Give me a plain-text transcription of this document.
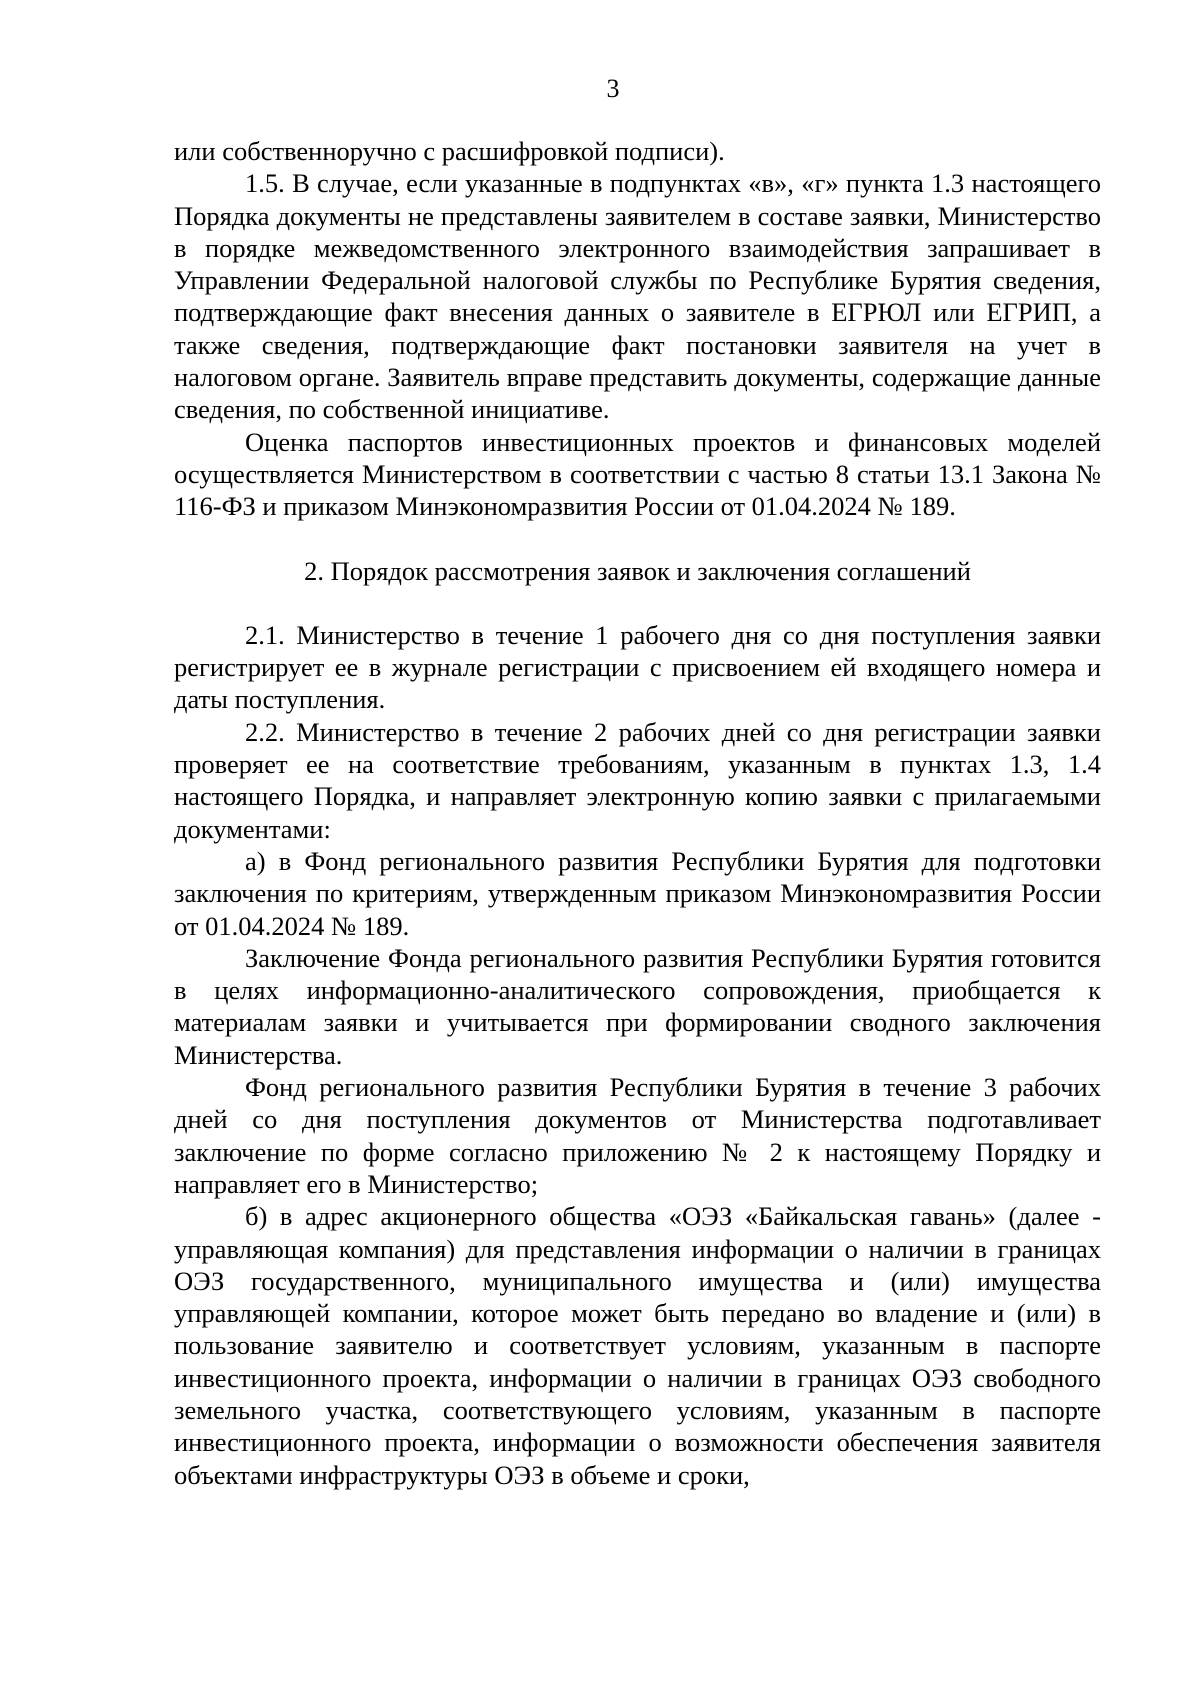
3

или собственноручно с расшифровкой подписи).

1.5. В случае, если указанные в подпунктах «в», «г» пункта 1.3 настоящего Порядка документы не представлены заявителем в составе заявки, Министерство в порядке межведомственного электронного взаимодействия запрашивает в Управлении Федеральной налоговой службы по Республике Бурятия сведения, подтверждающие факт внесения данных о заявителе в ЕГРЮЛ или ЕГРИП, а также сведения, подтверждающие факт постановки заявителя на учет в налоговом органе. Заявитель вправе представить документы, содержащие данные сведения, по собственной инициативе.

Оценка паспортов инвестиционных проектов и финансовых моделей осуществляется Министерством в соответствии с частью 8 статьи 13.1 Закона № 116-ФЗ и приказом Минэкономразвития России от 01.04.2024 № 189.

2. Порядок рассмотрения заявок и заключения соглашений

2.1. Министерство в течение 1 рабочего дня со дня поступления заявки регистрирует ее в журнале регистрации с присвоением ей входящего номера и даты поступления.

2.2. Министерство в течение 2 рабочих дней со дня регистрации заявки проверяет ее на соответствие требованиям, указанным в пунктах 1.3, 1.4 настоящего Порядка, и направляет электронную копию заявки с прилагаемыми документами:

а) в Фонд регионального развития Республики Бурятия для подготовки заключения по критериям, утвержденным приказом Минэкономразвития России от 01.04.2024 № 189.

Заключение Фонда регионального развития Республики Бурятия готовится в целях информационно-аналитического сопровождения, приобщается к материалам заявки и учитывается при формировании сводного заключения Министерства.

Фонд регионального развития Республики Бурятия в течение 3 рабочих дней со дня поступления документов от Министерства подготавливает заключение по форме согласно приложению № 2 к настоящему Порядку и направляет его в Министерство;

б) в адрес акционерного общества «ОЭЗ «Байкальская гавань» (далее - управляющая компания) для представления информации о наличии в границах ОЭЗ государственного, муниципального имущества и (или) имущества управляющей компании, которое может быть передано во владение и (или) в пользование заявителю и соответствует условиям, указанным в паспорте инвестиционного проекта, информации о наличии в границах ОЭЗ свободного земельного участка, соответствующего условиям, указанным в паспорте инвестиционного проекта, информации о возможности обеспечения заявителя объектами инфраструктуры ОЭЗ в объеме и сроки,
